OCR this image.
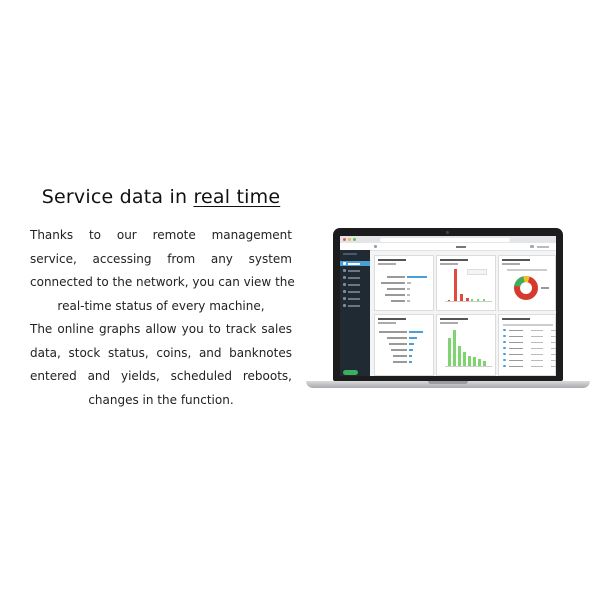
Service data in real time
Thanks to our remote management
service, accessing from any system
connected to the network, you can view the
real-time status of every machine,
The online graphs allow you to track sales
data, stock status, coins, and banknotes
entered and yields, scheduled reboots,
changes in the function.
